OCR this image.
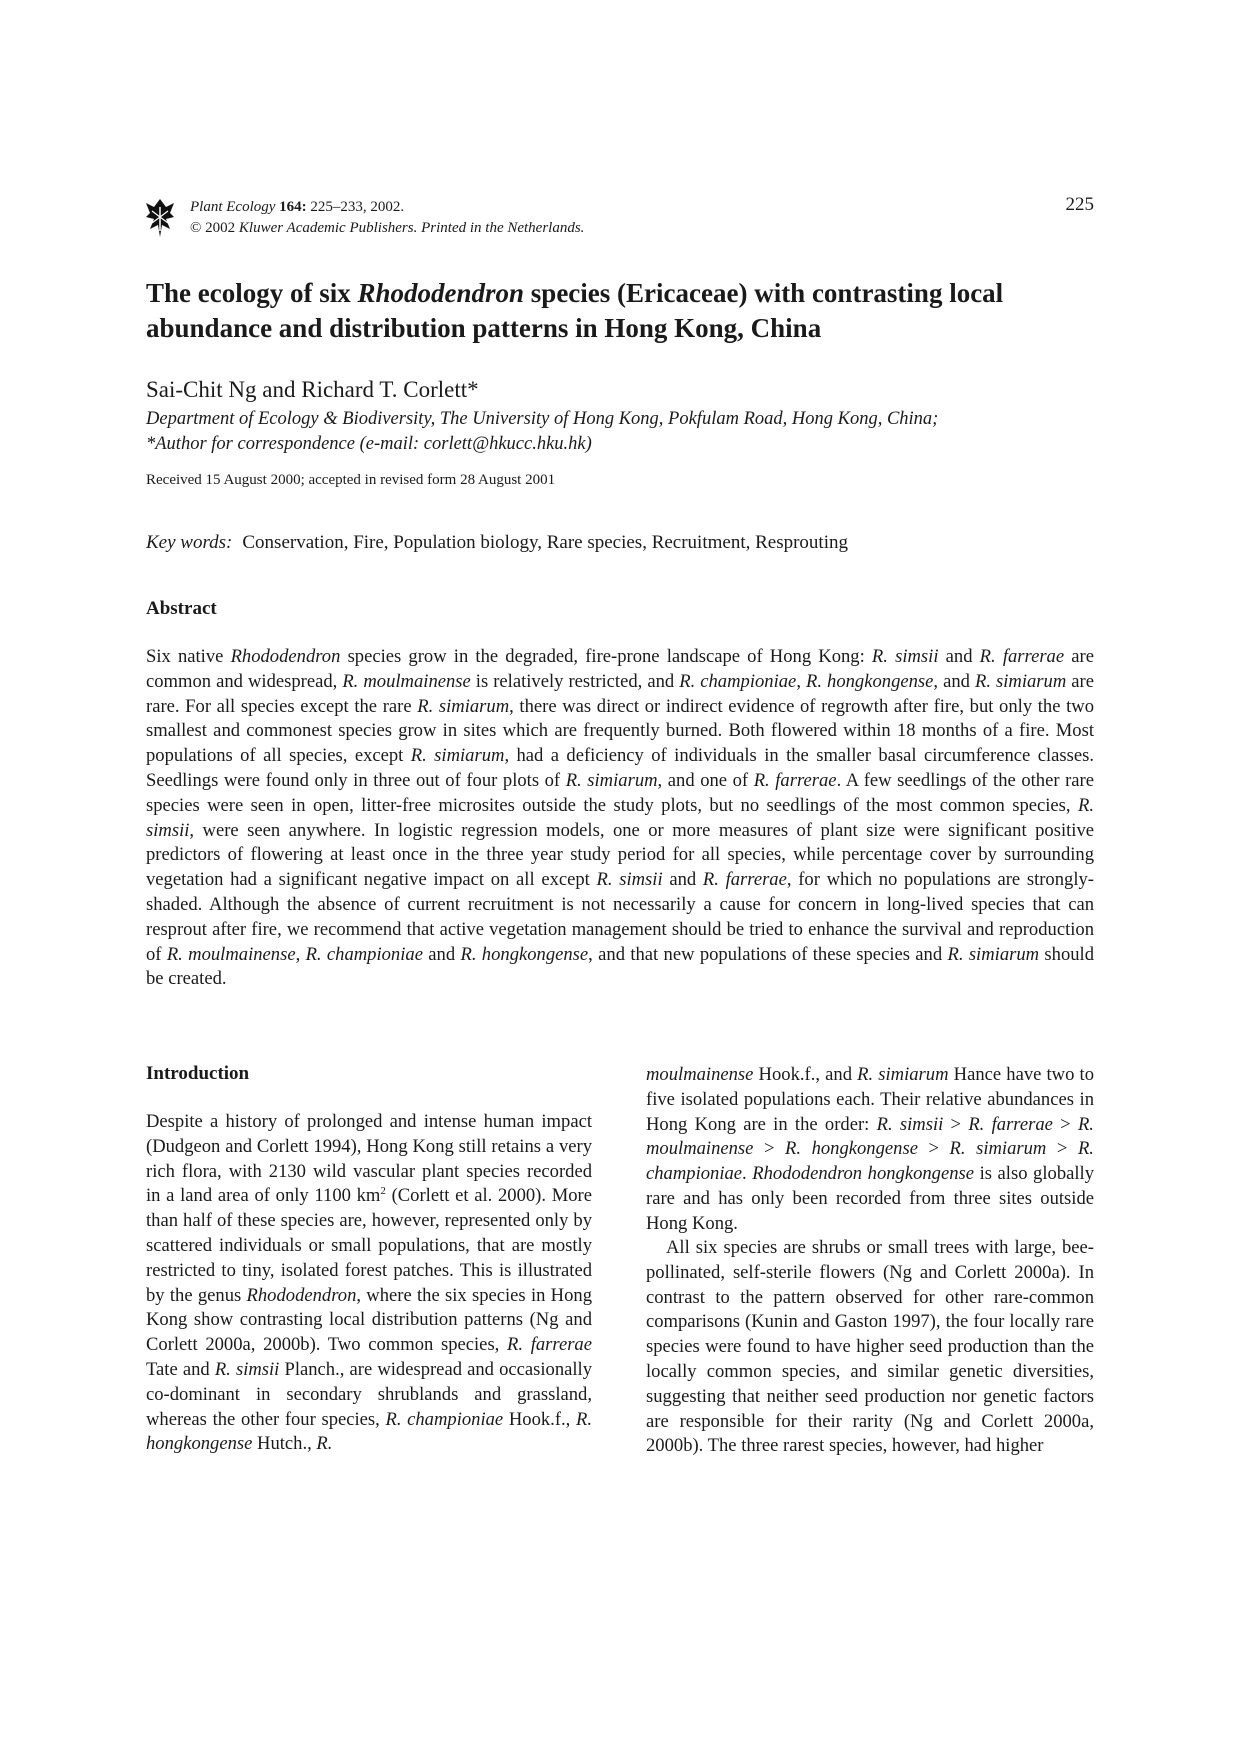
Plant Ecology 164: 225–233, 2002.
© 2002 Kluwer Academic Publishers. Printed in the Netherlands.
225
The ecology of six Rhododendron species (Ericaceae) with contrasting local abundance and distribution patterns in Hong Kong, China
Sai-Chit Ng and Richard T. Corlett*
Department of Ecology & Biodiversity, The University of Hong Kong, Pokfulam Road, Hong Kong, China;
*Author for correspondence (e-mail: corlett@hkucc.hku.hk)
Received 15 August 2000; accepted in revised form 28 August 2001
Key words: Conservation, Fire, Population biology, Rare species, Recruitment, Resprouting
Abstract

Six native Rhododendron species grow in the degraded, fire-prone landscape of Hong Kong: R. simsii and R. farrerae are common and widespread, R. moulmainense is relatively restricted, and R. championiae, R. hongkongense, and R. simiarum are rare. For all species except the rare R. simiarum, there was direct or indirect evidence of regrowth after fire, but only the two smallest and commonest species grow in sites which are frequently burned. Both flowered within 18 months of a fire. Most populations of all species, except R. simiarum, had a deficiency of individuals in the smaller basal circumference classes. Seedlings were found only in three out of four plots of R. simiarum, and one of R. farrerae. A few seedlings of the other rare species were seen in open, litter-free microsites outside the study plots, but no seedlings of the most common species, R. simsii, were seen anywhere. In logistic regression models, one or more measures of plant size were significant positive predictors of flowering at least once in the three year study period for all species, while percentage cover by surrounding vegetation had a significant negative impact on all except R. simsii and R. farrerae, for which no populations are strongly-shaded. Although the absence of current recruitment is not necessarily a cause for concern in long-lived species that can resprout after fire, we recommend that active vegetation management should be tried to enhance the survival and reproduction of R. moulmainense, R. championiae and R. hongkongense, and that new populations of these species and R. simiarum should be created.

Introduction

Despite a history of prolonged and intense human impact (Dudgeon and Corlett 1994), Hong Kong still retains a very rich flora, with 2130 wild vascular plant species recorded in a land area of only 1100 $km^2$ (Corlett et al. 2000). More than half of these species are, however, represented only by scattered individuals or small populations, that are mostly restricted to tiny, isolated forest patches. This is illustrated by the genus Rhododendron, where the six species in Hong Kong show contrasting local distribution patterns (Ng and Corlett 2000a, 2000b). Two common species, R. farrerae Tate and R. simsii Planch., are widespread and occasionally co-dominant in secondary shrublands and grassland, whereas the other four species, R. championiae Hook.f., R. hongkongense Hutch., R.

moulmainense Hook.f., and R. simiarum Hance have two to five isolated populations each. Their relative abundances in Hong Kong are in the order: R. simsii > R. farrerae > R. moulmainense > R. hongkongense > R. simiarum > R. championiae. Rhododendron hongkongense is also globally rare and has only been recorded from three sites outside Hong Kong.

All six species are shrubs or small trees with large, bee-pollinated, self-sterile flowers (Ng and Corlett 2000a). In contrast to the pattern observed for other rare-common comparisons (Kunin and Gaston 1997), the four locally rare species were found to have higher seed production than the locally common species, and similar genetic diversities, suggesting that neither seed production nor genetic factors are responsible for their rarity (Ng and Corlett 2000a, 2000b). The three rarest species, however, had higher
